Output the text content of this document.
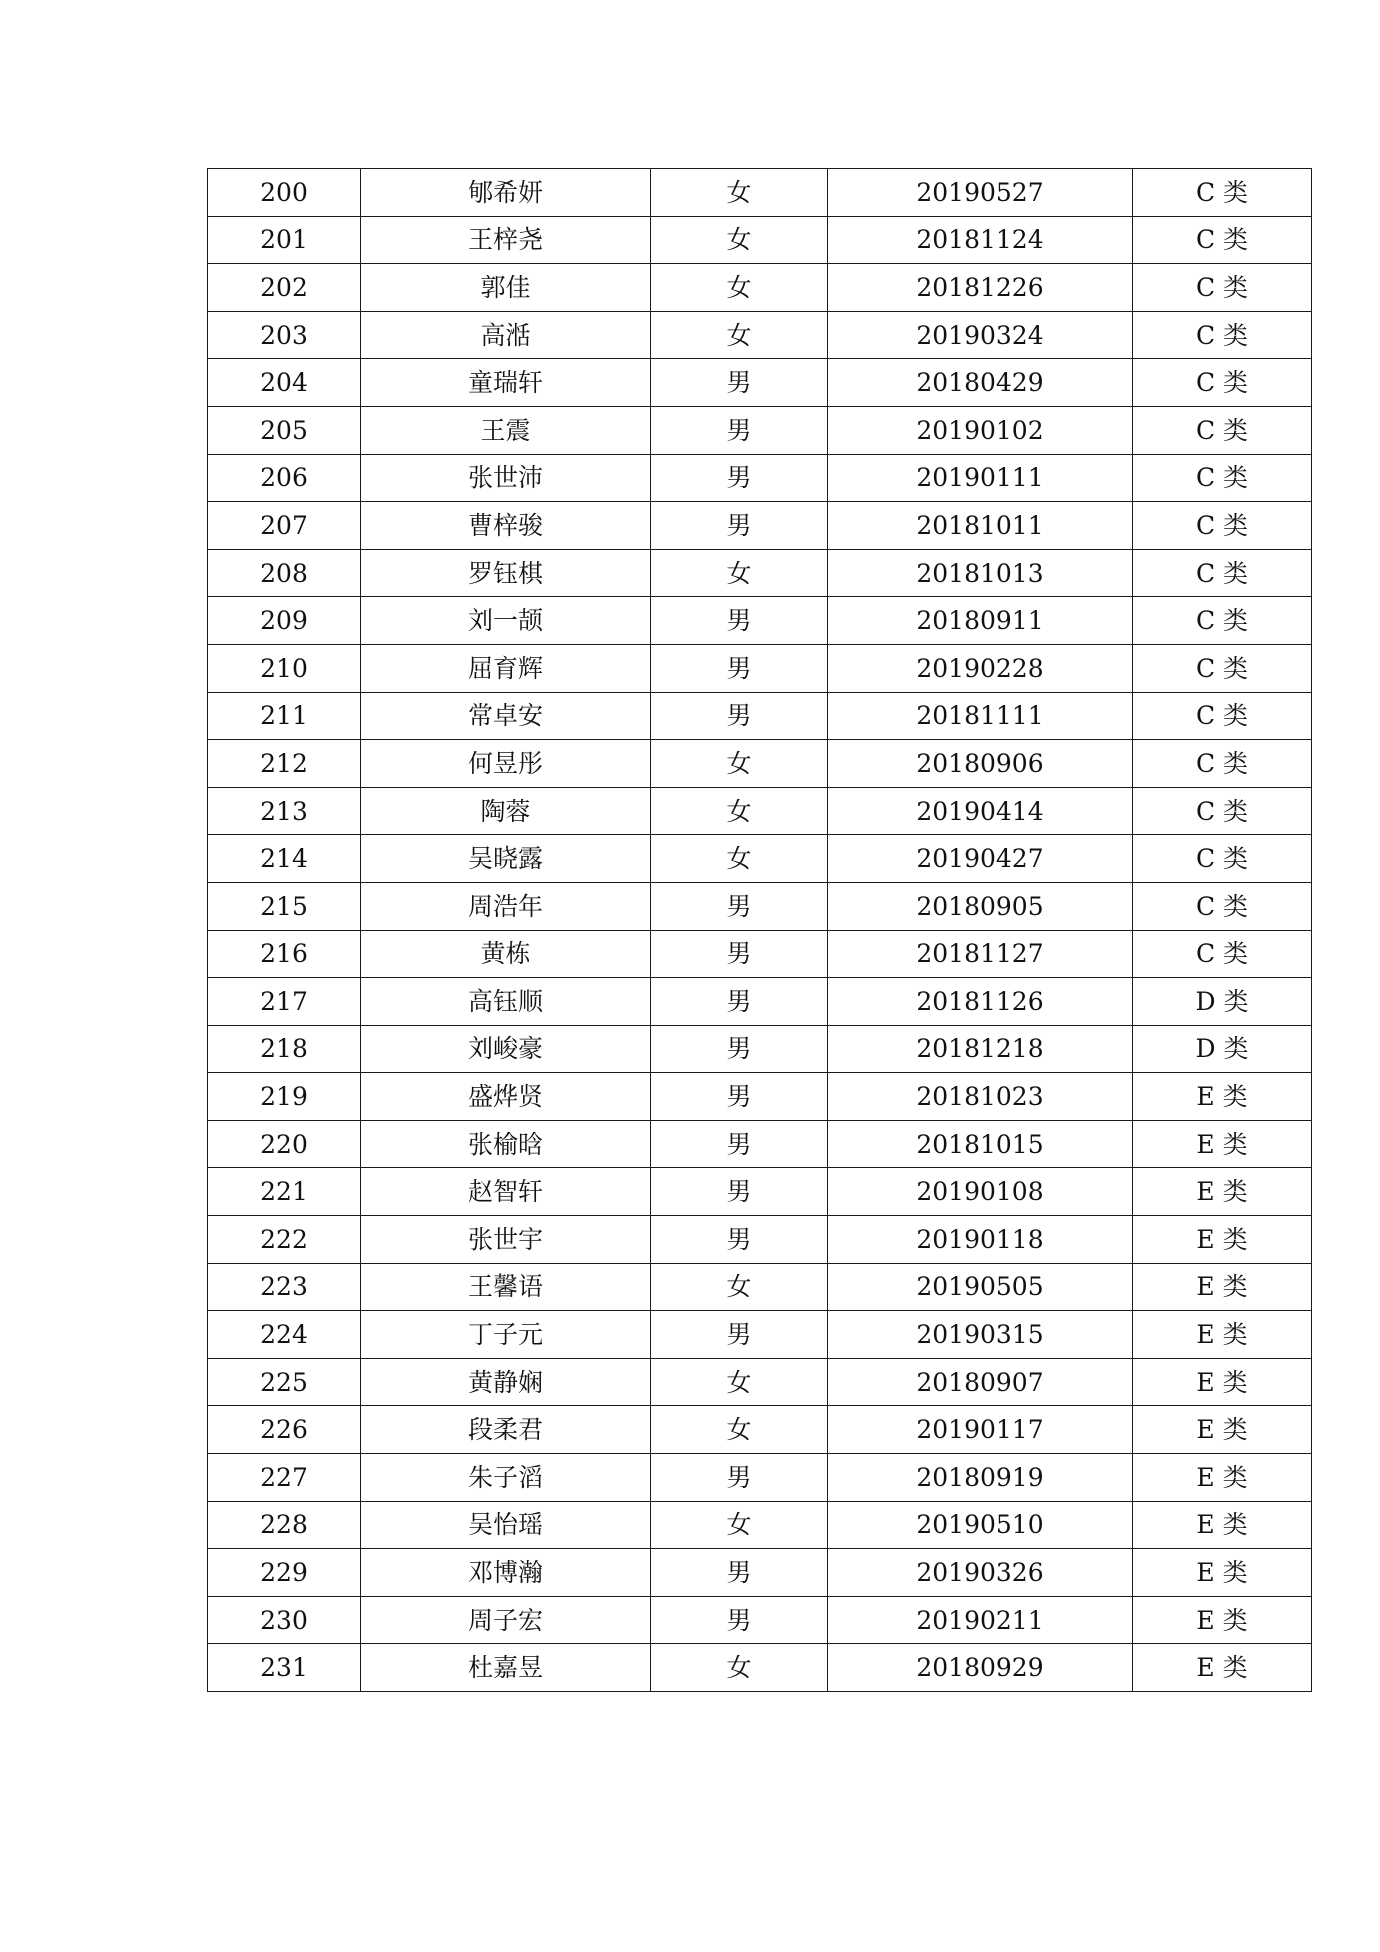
200	郇希妍	女	20190527	C 类
201	王梓尧	女	20181124	C 类
202	郭佳	女	20181226	C 类
203	高湉	女	20190324	C 类
204	童瑞轩	男	20180429	C 类
205	王震	男	20190102	C 类
206	张世沛	男	20190111	C 类
207	曹梓骏	男	20181011	C 类
208	罗钰棋	女	20181013	C 类
209	刘一颉	男	20180911	C 类
210	屈育辉	男	20190228	C 类
211	常卓安	男	20181111	C 类
212	何昱彤	女	20180906	C 类
213	陶蓉	女	20190414	C 类
214	吴晓露	女	20190427	C 类
215	周浩年	男	20180905	C 类
216	黄栋	男	20181127	C 类
217	高钰顺	男	20181126	D 类
218	刘峻豪	男	20181218	D 类
219	盛烨贤	男	20181023	E 类
220	张榆晗	男	20181015	E 类
221	赵智轩	男	20190108	E 类
222	张世宇	男	20190118	E 类
223	王馨语	女	20190505	E 类
224	丁子元	男	20190315	E 类
225	黄静娴	女	20180907	E 类
226	段柔君	女	20190117	E 类
227	朱子滔	男	20180919	E 类
228	吴怡瑶	女	20190510	E 类
229	邓博瀚	男	20190326	E 类
230	周子宏	男	20190211	E 类
231	杜嘉昱	女	20180929	E 类
